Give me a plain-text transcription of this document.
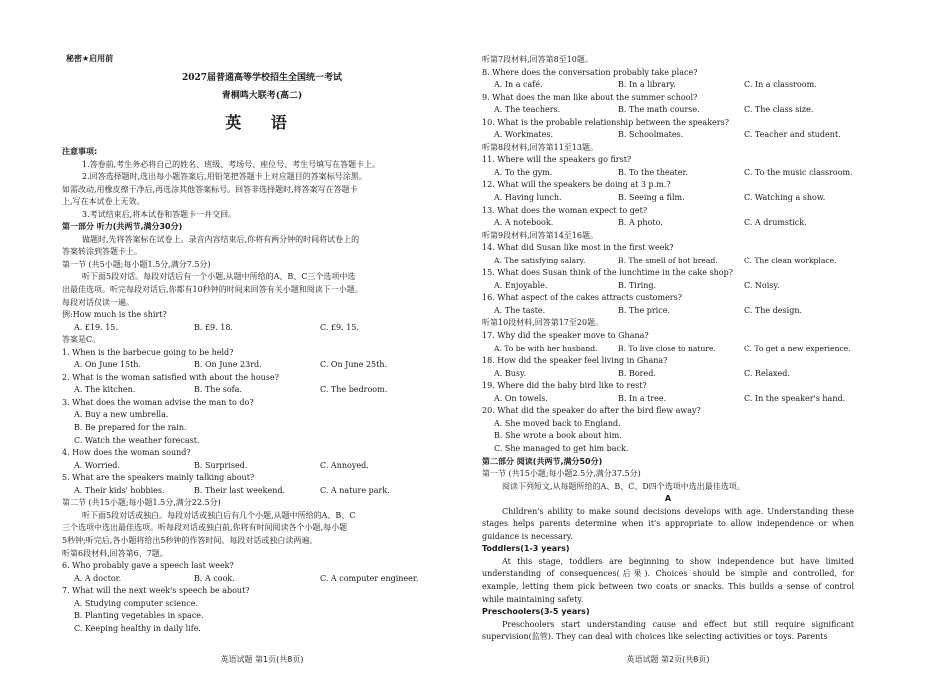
秘密★启用前
2027届普通高等学校招生全国统一考试
青桐鸣大联考(高二)
英 语
注意事项:
1.答卷前,考生务必将自己的姓名、班级、考场号、座位号、考生号填写在答题卡上。
2.回答选择题时,选出每小题答案后,用铅笔把答题卡上对应题目的答案标号涂黑。
如需改动,用橡皮擦干净后,再选涂其他答案标号。回答非选择题时,将答案写在答题卡
上,写在本试卷上无效。
3.考试结束后,将本试卷和答题卡一并交回。
第一部分 听力(共两节,满分30分)
做题时,先将答案标在试卷上。录音内容结束后,你将有两分钟的时间将试卷上的
答案转涂到答题卡上。
第一节 (共5小题;每小题1.5分,满分7.5分)
听下面5段对话。每段对话后有一个小题,从题中所给的A、B、C三个选项中选
出最佳选项。听完每段对话后,你都有10秒钟的时间来回答有关小题和阅读下一小题。
每段对话仅读一遍。
例:How much is the shirt?
A. £19. 15.	B. £9. 18.	C. £9. 15.
答案是C。
1. When is the barbecue going to be held?
A. On June 15th.	B. On June 23rd.	C. On June 25th.
2. What is the woman satisfied with about the house?
A. The kitchen.	B. The sofa.	C. The bedroom.
3. What does the woman advise the man to do?
A. Buy a new umbrella.
B. Be prepared for the rain.
C. Watch the weather forecast.
4. How does the woman sound?
A. Worried.	B. Surprised.	C. Annoyed.
5. What are the speakers mainly talking about?
A. Their kids' hobbies.	B. Their last weekend.	C. A nature park.
第二节 (共15小题;每小题1.5分,满分22.5分)
听下面5段对话或独白。每段对话或独白后有几个小题,从题中所给的A、B、C
三个选项中选出最佳选项。听每段对话或独白前,你将有时间阅读各个小题,每小题
5秒钟;听完后,各小题将给出5秒钟的作答时间。每段对话或独白读两遍。
听第6段材料,回答第6、7题。
6. Who probably gave a speech last week?
A. A doctor.	B. A cook.	C. A computer engineer.
7. What will the next week's speech be about?
A. Studying computer science.
B. Planting vegetables in space.
C. Keeping healthy in daily life.
英语试题 第1页(共8页)
听第7段材料,回答第8至10题。
8. Where does the conversation probably take place?
A. In a café.	B. In a library.	C. In a classroom.
9. What does the man like about the summer school?
A. The teachers.	B. The math course.	C. The class size.
10. What is the probable relationship between the speakers?
A. Workmates.	B. Schoolmates.	C. Teacher and student.
听第8段材料,回答第11至13题。
11. Where will the speakers go first?
A. To the gym.	B. To the theater.	C. To the music classroom.
12. What will the speakers be doing at 3 p.m.?
A. Having lunch.	B. Seeing a film.	C. Watching a show.
13. What does the woman expect to get?
A. A notebook.	B. A photo.	C. A drumstick.
听第9段材料,回答第14至16题。
14. What did Susan like most in the first week?
A. The satisfying salary.	B. The smell of hot bread.	C. The clean workplace.
15. What does Susan think of the lunchtime in the cake shop?
A. Enjoyable.	B. Tiring.	C. Noisy.
16. What aspect of the cakes attracts customers?
A. The taste.	B. The price.	C. The design.
听第10段材料,回答第17至20题。
17. Why did the speaker move to Ghana?
A. To be with her husband.	B. To live close to nature.	C. To get a new experience.
18. How did the speaker feel living in Ghana?
A. Busy.	B. Bored.	C. Relaxed.
19. Where did the baby bird like to rest?
A. On towels.	B. In a tree.	C. In the speaker's hand.
20. What did the speaker do after the bird flew away?
A. She moved back to England.
B. She wrote a book about him.
C. She managed to get him back.
第二部分 阅读(共两节,满分50分)
第一节 (共15小题;每小题2.5分,满分37.5分)
阅读下列短文,从每题所给的A、B、C、D四个选项中选出最佳选项。
A
Children's ability to make sound decisions develops with age. Understanding these stages helps parents determine when it's appropriate to allow independence or when guidance is necessary.
Toddlers(1-3 years)
At this stage, toddlers are beginning to show independence but have limited understanding of consequences(后果). Choices should be simple and controlled, for example, letting them pick between two coats or snacks. This builds a sense of control while maintaining safety.
Preschoolers(3-5 years)
Preschoolers start understanding cause and effect but still require significant supervision(监管). They can deal with choices like selecting activities or toys. Parents
英语试题 第2页(共8页)
